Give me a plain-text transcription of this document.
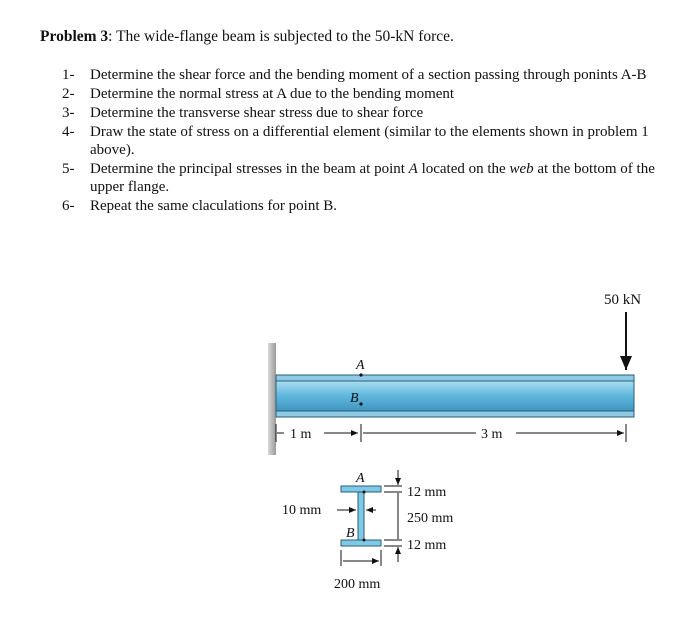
Problem 3: The wide-flange beam is subjected to the 50-kN force.
1- Determine the shear force and the bending moment of a section passing through ponints A-B
2- Determine the normal stress at A due to the bending moment
3- Determine the transverse shear stress due to shear force
4- Draw the state of stress on a differential element (similar to the elements shown in problem 1 above).
5- Determine the principal stresses in the beam at point A located on the web at the bottom of the upper flange.
6- Repeat the same claculations for point B.
A
B
50 kN
1 m	3 m
A
B
10 mm
12 mm
250 mm
12 mm
200 mm
